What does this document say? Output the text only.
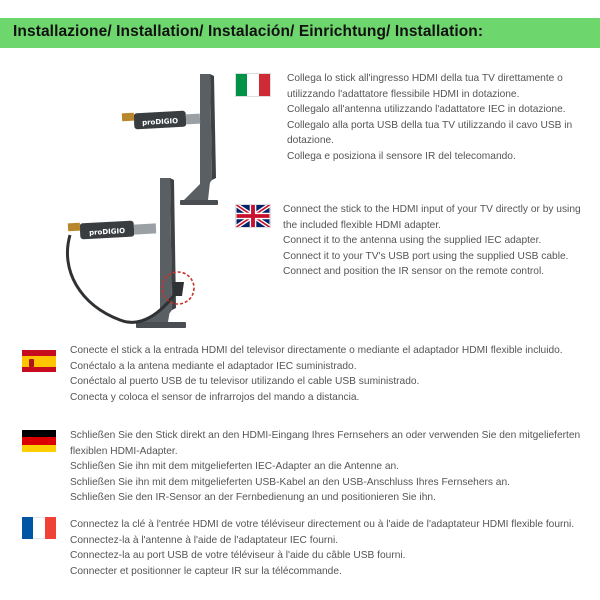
Installazione/ Installation/ Instalación/ Einrichtung/ Installation:
proDIGIO
proDIGIO

Collega lo stick all'ingresso HDMI della tua TV direttamente o utilizzando l'adattatore flessibile HDMI in dotazione.

Collegalo all'antenna utilizzando l'adattatore IEC in dotazione.

Collegalo alla porta USB della tua TV utilizzando il cavo USB in dotazione.

Collega e posiziona il sensore IR del telecomando.

Connect the stick to the HDMI input of your TV directly or by using the included flexible HDMI adapter.

Connect it to the antenna using the supplied IEC adapter.

Connect it to your TV's USB port using the supplied USB cable.

Connect and position the IR sensor on the remote control.

Conecte el stick a la entrada HDMI del televisor directamente o mediante el adaptador HDMI flexible incluido.

Conéctalo a la antena mediante el adaptador IEC suministrado.

Conéctalo al puerto USB de tu televisor utilizando el cable USB suministrado.

Conecta y coloca el sensor de infrarrojos del mando a distancia.

Schließen Sie den Stick direkt an den HDMI-Eingang Ihres Fernsehers an oder verwenden Sie den mitgelieferten flexiblen HDMI-Adapter.

Schließen Sie ihn mit dem mitgelieferten IEC-Adapter an die Antenne an.

Schließen Sie ihn mit dem mitgelieferten USB-Kabel an den USB-Anschluss Ihres Fernsehers an.

Schließen Sie den IR-Sensor an der Fernbedienung an und positionieren Sie ihn.

Connectez la clé à l'entrée HDMI de votre téléviseur directement ou à l'aide de l'adaptateur HDMI flexible fourni.

Connectez-la à l'antenne à l'aide de l'adaptateur IEC fourni.

Connectez-la au port USB de votre téléviseur à l'aide du câble USB fourni.

Connecter et positionner le capteur IR sur la télécommande.
